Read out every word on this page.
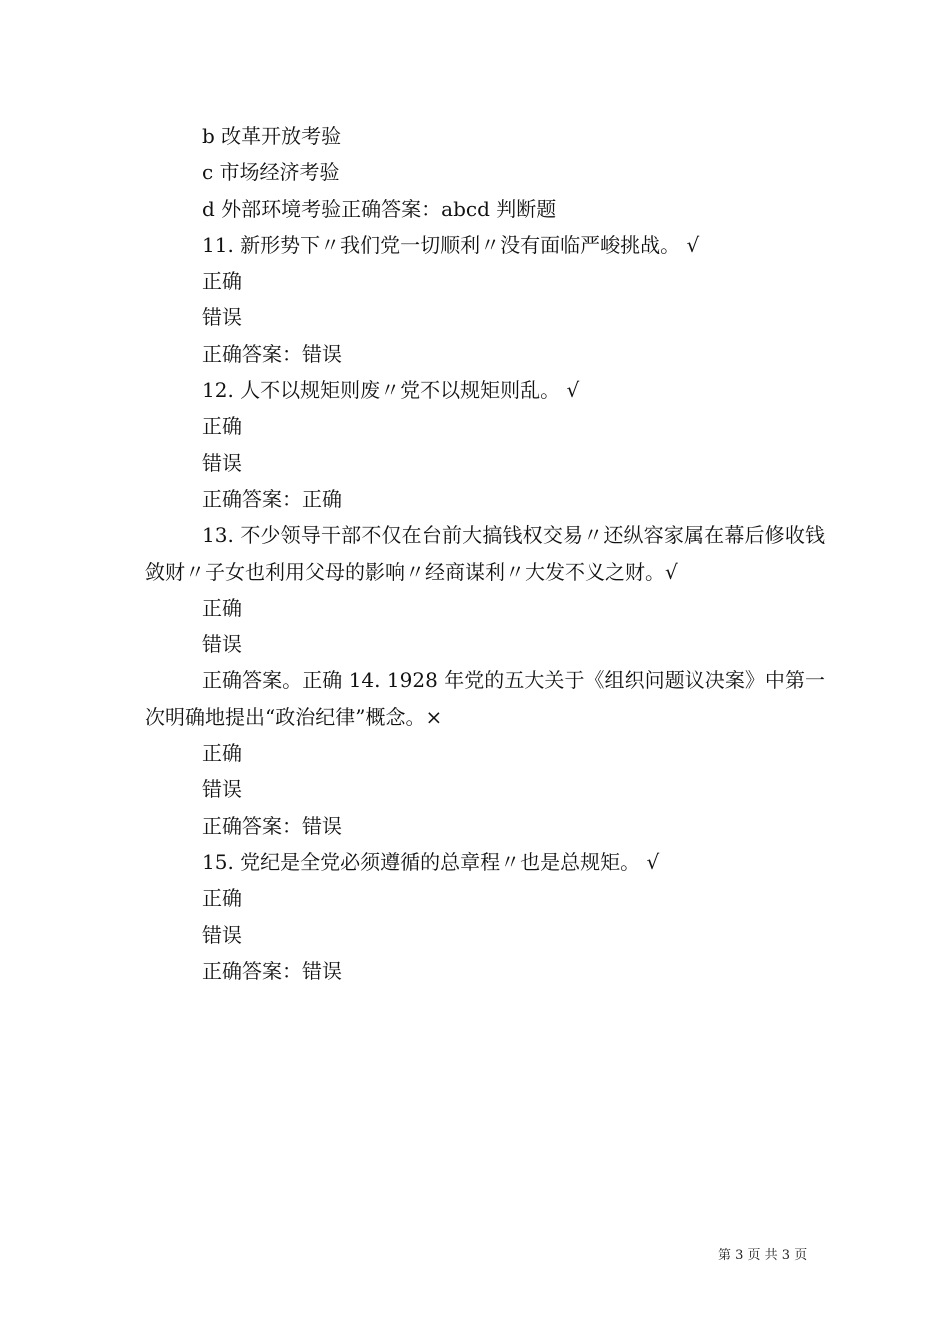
b 改革开放考验
c 市场经济考验
d 外部环境考验正确答案：abcd 判断题
11. 新形势下〃我们党一切顺利〃没有面临严峻挑战。 √
正确
错误
正确答案：错误
12. 人不以规矩则废〃党不以规矩则乱。 √
正确
错误
正确答案：正确
13. 不少领导干部不仅在台前大搞钱权交易〃还纵容家属在幕后修收钱敛财〃子女也利用父母的影响〃经商谋利〃大发不义之财。√
正确
错误
正确答案。正确 14. 1928 年党的五大关于《组织问题议决案》中第一次明确地提出“政治纪律”概念。×
正确
错误
正确答案：错误
15. 党纪是全党必须遵循的总章程〃也是总规矩。 √
正确
错误
正确答案：错误
第 3 页 共 3 页
